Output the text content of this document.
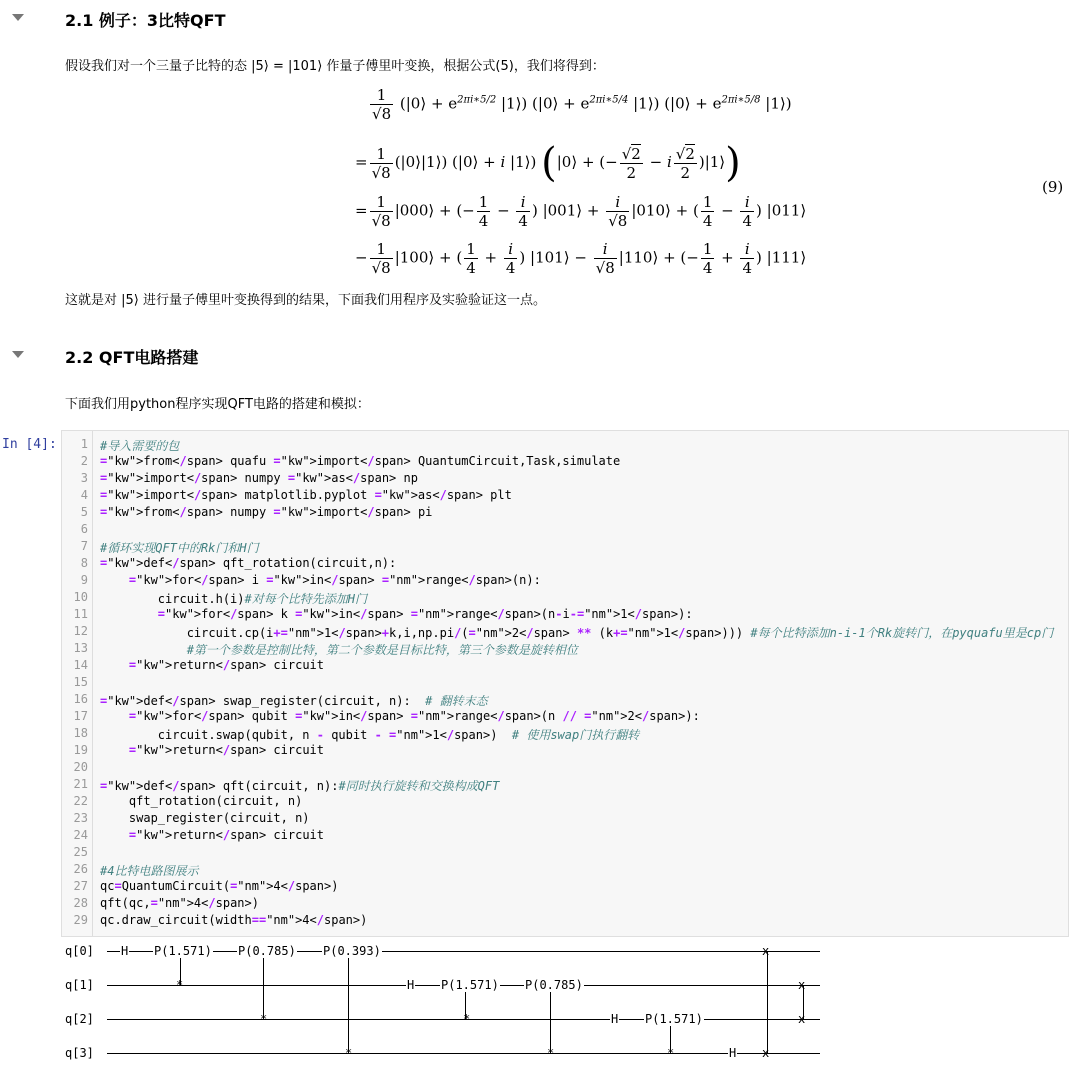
2.1 例子：3比特QFT
假设我们对一个三量子比特的态 |5⟩ = |101⟩ 作量子傅里叶变换，根据公式(5)，我们将得到：
$\frac{1}{√8}$ (|0⟩ + $e^{2\pi i∗5/2}$ |1⟩) (|0⟩ + $e^{2\pi i∗5/4}$ |1⟩) (|0⟩ + $e^{2\pi i∗5/8}$ |1⟩)
= $\frac{1}{√8}$ (|0⟩|1⟩) (|0⟩ + i |1⟩) (|0⟩ + (− $\frac{√2}{2} - i \frac{√2}{2}$ )|1⟩)
= $\frac{1}{√8}$ |000⟩ + (− $\frac{1}{4} - \frac{i}{4}$ ) |001⟩ + $\frac{i}{√8}$ |010⟩ + ( $\frac{1}{4} - \frac{i}{4}$ ) |011⟩
− $\frac{1}{√8}$ |100⟩ + ( $\frac{1}{4} + \frac{i}{4}$ ) |101⟩ − $\frac{i}{√8}$ |110⟩ + (− $\frac{1}{4} + \frac{i}{4}$ ) |111⟩
(9)
这就是对 |5⟩ 进行量子傅里叶变换得到的结果，下面我们用程序及实验验证这一点。
2.2 QFT电路搭建
下面我们用python程序实现QFT电路的搭建和模拟：
In [4]:	1 #导入需要的包
2 ="kw">from</span> quafu ="kw">import</span> QuantumCircuit,Task,simulate
3 ="kw">import</span> numpy ="kw">as</span> np
4 ="kw">import</span> matplotlib.pyplot ="kw">as</span> plt
5 ="kw">from</span> numpy ="kw">import</span> pi
6
7 #循环实现QFT中的Rk门和H门
8 ="kw">def</span> qft_rotation(circuit,n):
9	="kw">for</span> i ="kw">in</span> ="nm">range</span>(n):
10 circuit.h(i)#对每个比特先添加H门
11	="kw">for</span> k ="kw">in</span> ="nm">range</span>(n-i-="nm">1</span>):
12 circuit.cp(i+="nm">1</span>+k,i,np.pi/(="nm">2</span> ** (k+="nm">1</span>))) #每个比特添加n-i-1个Rk旋转门，在pyquafu里是cp门
13	#第一个参数是控制比特，第二个参数是目标比特，第三个参数是旋转相位
14	="kw">return</span> circuit
15
16 ="kw">def</span> swap_register(circuit, n):  # 翻转末态
17	="kw">for</span> qubit ="kw">in</span> ="nm">range</span>(n // ="nm">2</span>):
18 circuit.swap(qubit, n - qubit - ="nm">1</span>)  # 使用swap门执行翻转
19	="kw">return</span> circuit
20
21 ="kw">def</span> qft(circuit, n):#同时执行旋转和交换构成QFT
22 qft_rotation(circuit, n)
23 swap_register(circuit, n)
24	="kw">return</span> circuit
25
26 #4比特电路图展示
27 qc=QuantumCircuit(="nm">4</span>)
28 qft(qc,="nm">4</span>)
29 qc.draw_circuit(width=="nm">4</span>)
q[0]
q[1]
q[2]
q[3]
H P(1.571) P(0.785) P(0.393)
*
*
*
H P(1.571) P(0.785)
*
*
H P(1.571)
*	H
x
x
x
x
